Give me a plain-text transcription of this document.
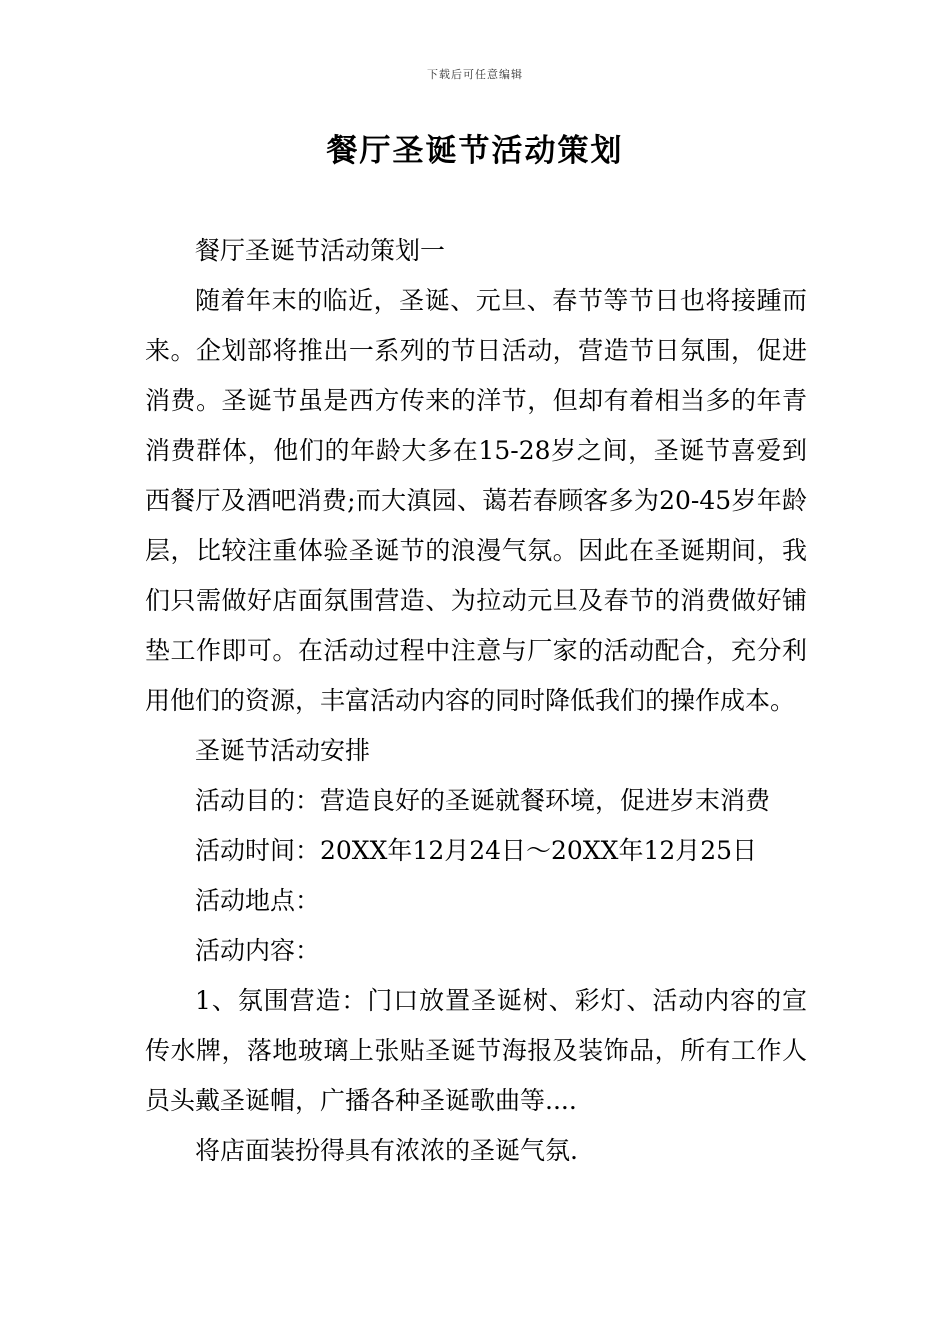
下载后可任意编辑
餐厅圣诞节活动策划

餐厅圣诞节活动策划一

随着年末的临近，圣诞、元旦、春节等节日也将接踵而来。企划部将推出一系列的节日活动，营造节日氛围，促进消费。圣诞节虽是西方传来的洋节，但却有着相当多的年青消费群体，他们的年龄大多在15-28岁之间，圣诞节喜爱到西餐厅及酒吧消费;而大滇园、蔼若春顾客多为20-45岁年龄层，比较注重体验圣诞节的浪漫气氛。因此在圣诞期间，我们只需做好店面氛围营造、为拉动元旦及春节的消费做好铺垫工作即可。在活动过程中注意与厂家的活动配合，充分利用他们的资源，丰富活动内容的同时降低我们的操作成本。

圣诞节活动安排

活动目的：营造良好的圣诞就餐环境，促进岁末消费

活动时间：20XX年12月24日～20XX年12月25日

活动地点：

活动内容：

1、氛围营造：门口放置圣诞树、彩灯、活动内容的宣传水牌，落地玻璃上张贴圣诞节海报及装饰品，所有工作人员头戴圣诞帽，广播各种圣诞歌曲等....

将店面装扮得具有浓浓的圣诞气氛.
